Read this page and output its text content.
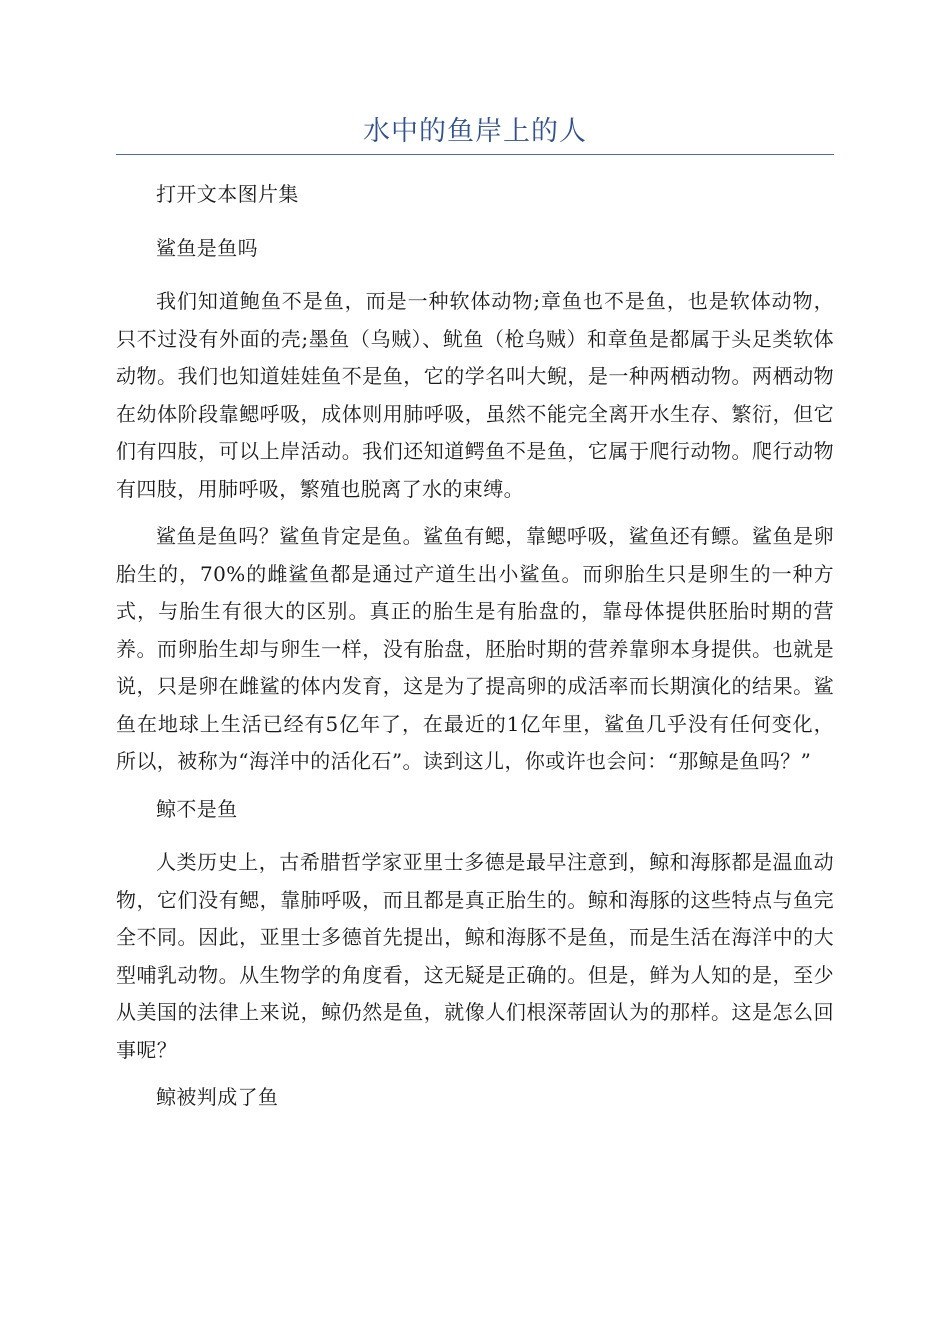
水中的鱼岸上的人

打开文本图片集

鲨鱼是鱼吗

我们知道鲍鱼不是鱼，而是一种软体动物;章鱼也不是鱼，也是软体动物，只不过没有外面的壳;墨鱼（乌贼）、鱿鱼（枪乌贼）和章鱼是都属于头足类软体动物。我们也知道娃娃鱼不是鱼，它的学名叫大鲵，是一种两栖动物。两栖动物在幼体阶段靠鳃呼吸，成体则用肺呼吸，虽然不能完全离开水生存、繁衍，但它们有四肢，可以上岸活动。我们还知道鳄鱼不是鱼，它属于爬行动物。爬行动物有四肢，用肺呼吸，繁殖也脱离了水的束缚。

鲨鱼是鱼吗？鲨鱼肯定是鱼。鲨鱼有鳃，靠鳃呼吸，鲨鱼还有鳔。鲨鱼是卵胎生的，70%的雌鲨鱼都是通过产道生出小鲨鱼。而卵胎生只是卵生的一种方式，与胎生有很大的区别。真正的胎生是有胎盘的，靠母体提供胚胎时期的营养。而卵胎生却与卵生一样，没有胎盘，胚胎时期的营养靠卵本身提供。也就是说，只是卵在雌鲨的体内发育，这是为了提高卵的成活率而长期演化的结果。鲨鱼在地球上生活已经有5亿年了，在最近的1亿年里，鲨鱼几乎没有任何变化，所以，被称为“海洋中的活化石”。读到这儿，你或许也会问：“那鲸是鱼吗？”

鲸不是鱼

人类历史上，古希腊哲学家亚里士多德是最早注意到，鲸和海豚都是温血动物，它们没有鳃，靠肺呼吸，而且都是真正胎生的。鲸和海豚的这些特点与鱼完全不同。因此，亚里士多德首先提出，鲸和海豚不是鱼，而是生活在海洋中的大型哺乳动物。从生物学的角度看，这无疑是正确的。但是，鲜为人知的是，至少从美国的法律上来说，鲸仍然是鱼，就像人们根深蒂固认为的那样。这是怎么回事呢？

鲸被判成了鱼
